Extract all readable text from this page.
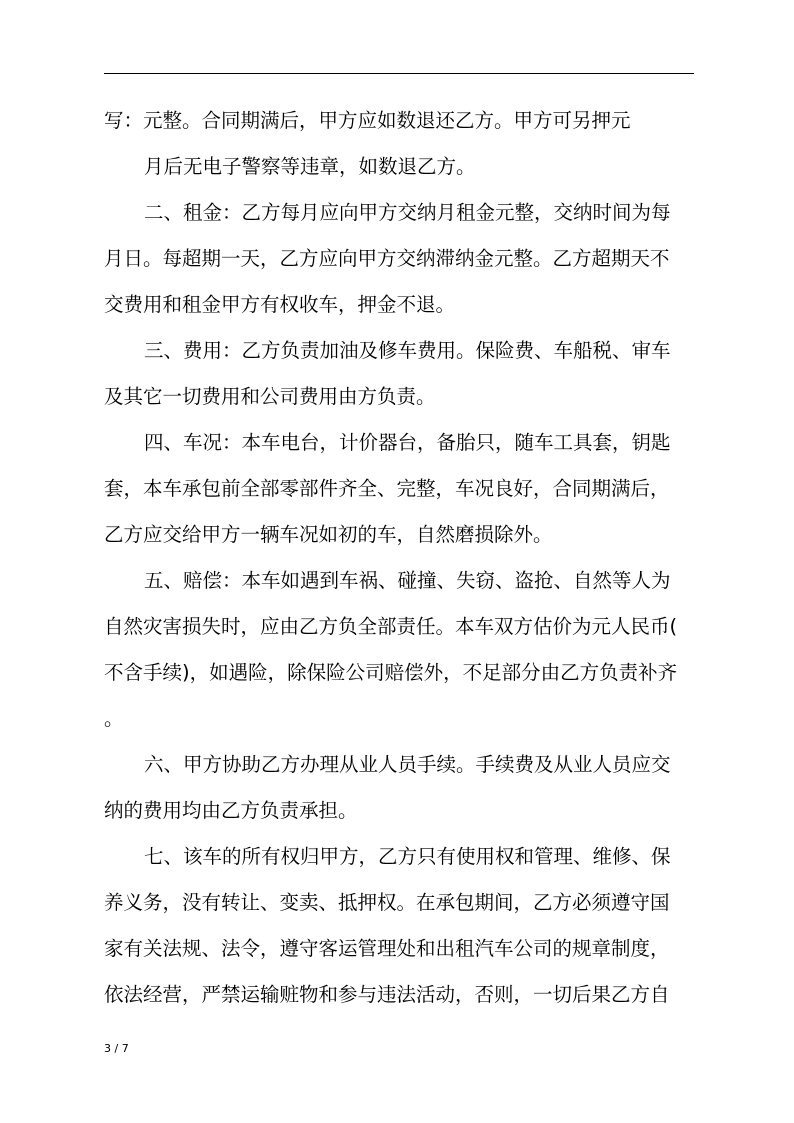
写：元整。合同期满后，甲方应如数退还乙方。甲方可另押元
月后无电子警察等违章，如数退乙方。
二、租金：乙方每月应向甲方交纳月租金元整，交纳时间为每
月日。每超期一天，乙方应向甲方交纳滞纳金元整。乙方超期天不
交费用和租金甲方有权收车，押金不退。
三、费用：乙方负责加油及修车费用。保险费、车船税、审车
及其它一切费用和公司费用由方负责。
四、车况：本车电台，计价器台，备胎只，随车工具套，钥匙
套，本车承包前全部零部件齐全、完整，车况良好，合同期满后，
乙方应交给甲方一辆车况如初的车，自然磨损除外。
五、赔偿：本车如遇到车祸、碰撞、失窃、盗抢、自然等人为
自然灾害损失时，应由乙方负全部责任。本车双方估价为元人民币(
不含手续)，如遇险，除保险公司赔偿外，不足部分由乙方负责补齐
。
六、甲方协助乙方办理从业人员手续。手续费及从业人员应交
纳的费用均由乙方负责承担。
七、该车的所有权归甲方，乙方只有使用权和管理、维修、保
养义务，没有转让、变卖、抵押权。在承包期间，乙方必须遵守国
家有关法规、法令，遵守客运管理处和出租汽车公司的规章制度，
依法经营，严禁运输赃物和参与违法活动，否则，一切后果乙方自
3 / 7
